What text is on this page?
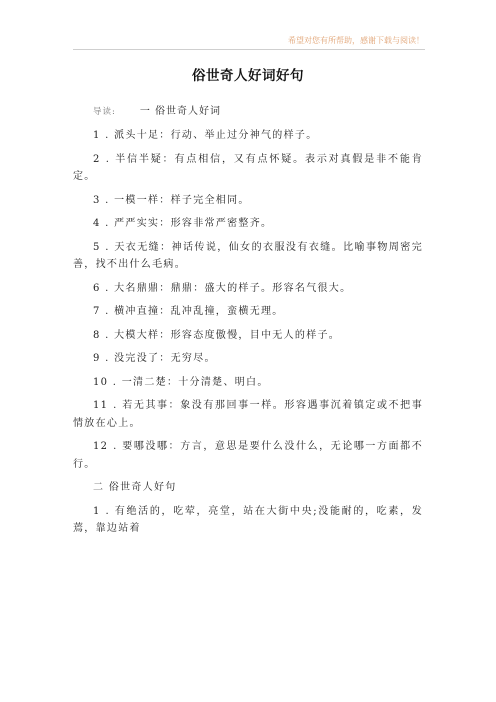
希望对您有所帮助，感谢下载与阅读！
俗世奇人好词好句
导读: 一 俗世奇人好词

1 . 派头十足：行动、举止过分神气的样子。

2 . 半信半疑：有点相信，又有点怀疑。表示对真假是非不能肯定。

3 . 一模一样：样子完全相同。

4 . 严严实实：形容非常严密整齐。

5 . 天衣无缝：神话传说，仙女的衣服没有衣缝。比喻事物周密完善，找不出什么毛病。

6 . 大名鼎鼎：鼎鼎：盛大的样子。形容名气很大。

7 . 横冲直撞：乱冲乱撞，蛮横无理。

8 . 大模大样：形容态度傲慢，目中无人的样子。

9 . 没完没了：无穷尽。

10 . 一清二楚：十分清楚、明白。

11 . 若无其事：象没有那回事一样。形容遇事沉着镇定或不把事情放在心上。

12 . 要哪没哪：方言，意思是要什么没什么，无论哪一方面都不行。

二 俗世奇人好句

1 . 有绝活的，吃荤，亮堂，站在大街中央;没能耐的，吃素，发蔫，靠边站着
